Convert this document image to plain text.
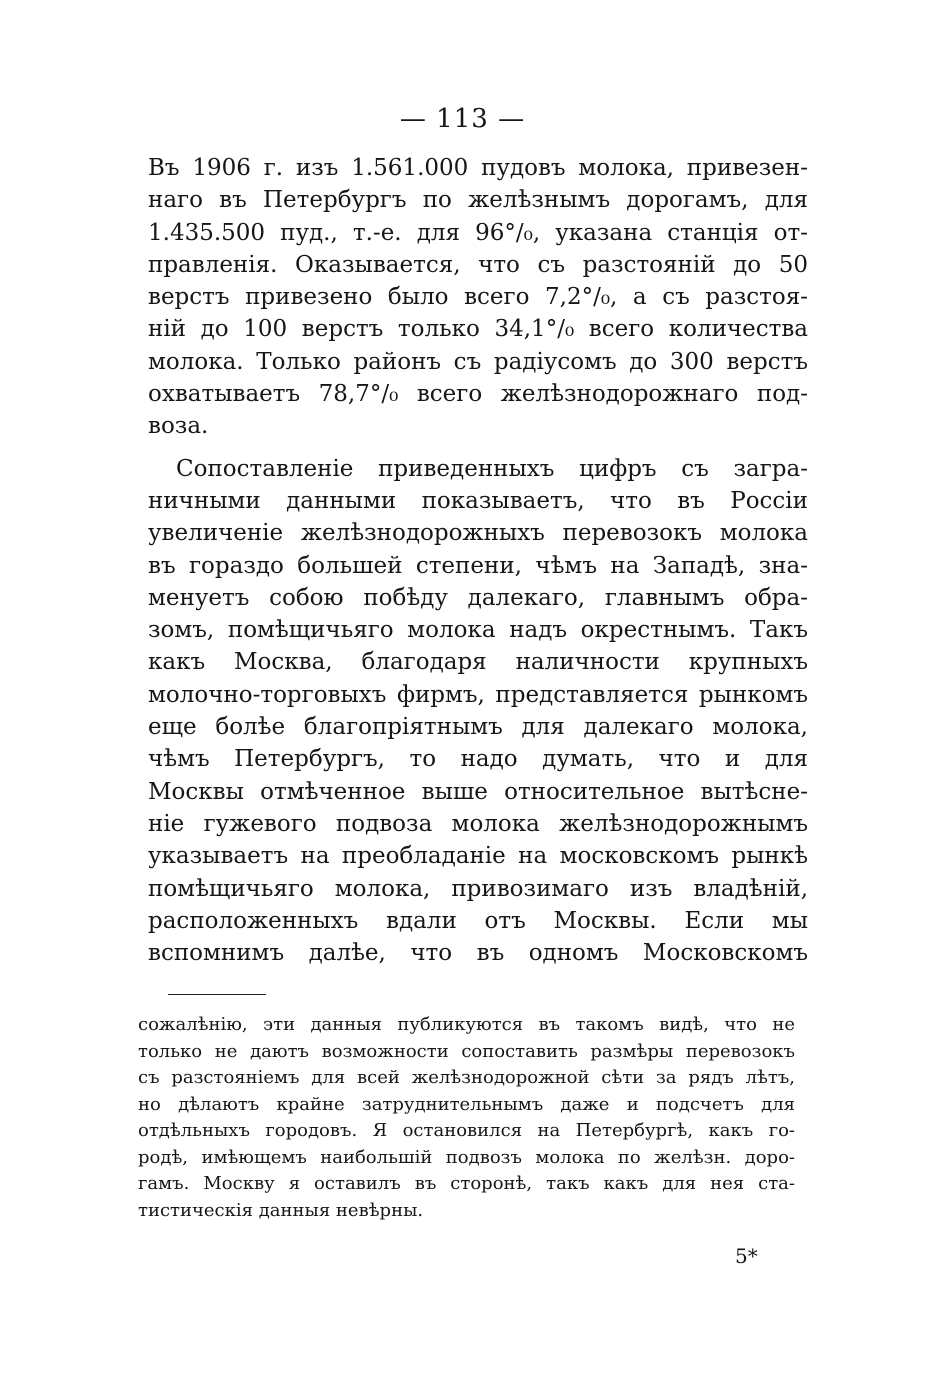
— 113 —
Въ 1906 г. изъ 1.561.000 пудовъ молока, привезен-
наго въ Петербургъ по желѣзнымъ дорогамъ, для
1.435.500 пуд., т.-е. для 96°/₀, указана станція от-
правленія. Оказывается, что съ разстояній до 50
верстъ привезено было всего 7,2°/₀, а съ разстоя-
ній до 100 верстъ только 34,1°/₀ всего количества
молока. Только районъ съ радіусомъ до 300 верстъ
охватываетъ 78,7°/₀ всего желѣзнодорожнаго под-
воза.
Сопоставленіе приведенныхъ цифръ съ загра-
ничными данными показываетъ, что въ Россіи
увеличеніе желѣзнодорожныхъ перевозокъ молока
въ гораздо большей степени, чѣмъ на Западѣ, зна-
менуетъ собою побѣду далекаго, главнымъ обра-
зомъ, помѣщичьяго молока надъ окрестнымъ. Такъ
какъ Москва, благодаря наличности крупныхъ
молочно-торговыхъ фирмъ, представляется рынкомъ
еще болѣе благопріятнымъ для далекаго молока,
чѣмъ Петербургъ, то надо думать, что и для
Москвы отмѣченное выше относительное вытѣсне-
ніе гужевого подвоза молока желѣзнодорожнымъ
указываетъ на преобладаніе на московскомъ рынкѣ
помѣщичьяго молока, привозимаго изъ владѣній,
расположенныхъ вдали отъ Москвы. Если мы
вспомнимъ далѣе, что въ одномъ Московскомъ
сожалѣнію, эти данныя публикуются въ такомъ видѣ, что не
только не даютъ возможности сопоставить размѣры перевозокъ
съ разстояніемъ для всей желѣзнодорожной сѣти за рядъ лѣтъ,
но дѣлаютъ крайне затруднительнымъ даже и подсчетъ для
отдѣльныхъ городовъ. Я остановился на Петербургѣ, какъ го-
родѣ, имѣющемъ наибольшій подвозъ молока по желѣзн. доро-
гамъ. Москву я оставилъ въ сторонѣ, такъ какъ для нея ста-
тистическія данныя невѣрны.
5*
